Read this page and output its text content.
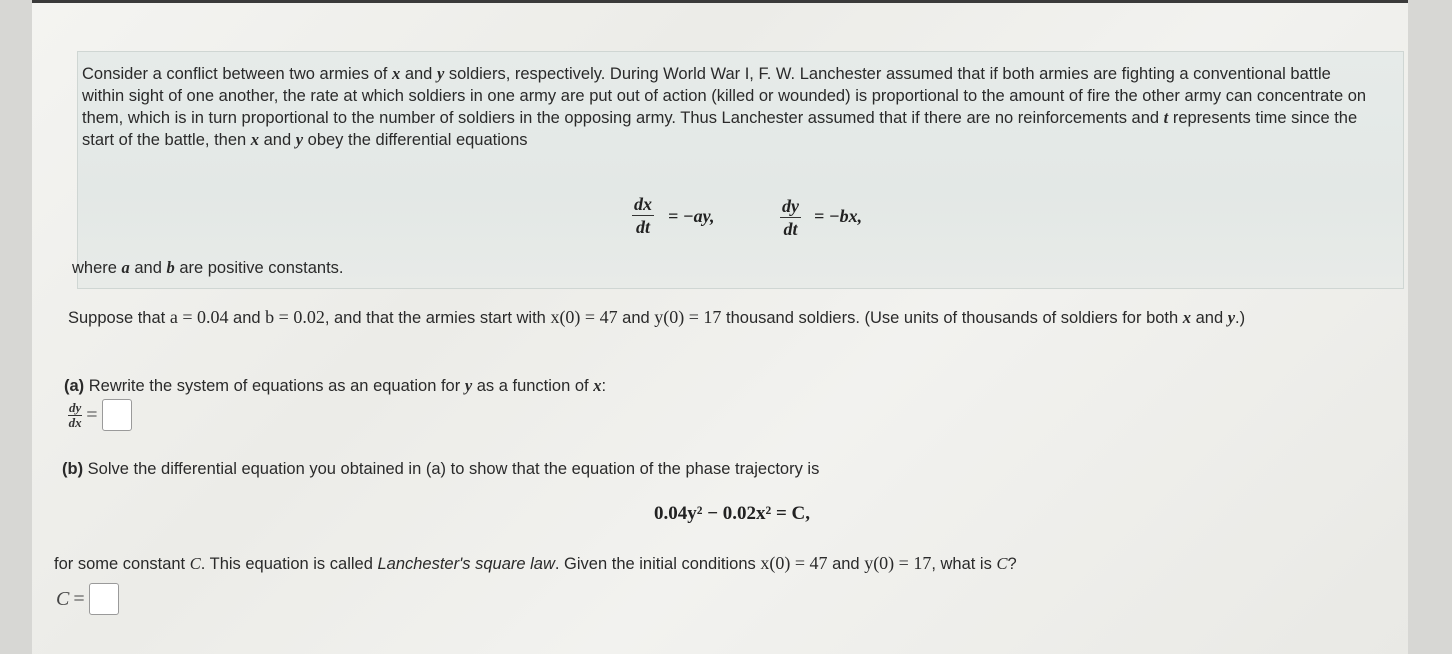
Consider a conflict between two armies of x and y soldiers, respectively. During World War I, F. W. Lanchester assumed that if both armies are fighting a conventional battle within sight of one another, the rate at which soldiers in one army are put out of action (killed or wounded) is proportional to the amount of fire the other army can concentrate on them, which is in turn proportional to the number of soldiers in the opposing army. Thus Lanchester assumed that if there are no reinforcements and t represents time since the start of the battle, then x and y obey the differential equations
$\frac{dx}{dt} = -ay$,	$\frac{dy}{dt} = -bx$,
where a and b are positive constants.
Suppose that a = 0.04 and b = 0.02, and that the armies start with x(0) = 47 and y(0) = 17 thousand soldiers. (Use units of thousands of soldiers for both x and y.)
(a) Rewrite the system of equations as an equation for y as a function of x:
$\frac{dy}{dx}$ =
(b) Solve the differential equation you obtained in (a) to show that the equation of the phase trajectory is
0.04y² − 0.02x² = C,
for some constant C. This equation is called Lanchester's square law. Given the initial conditions x(0) = 47 and y(0) = 17, what is C?
C =
